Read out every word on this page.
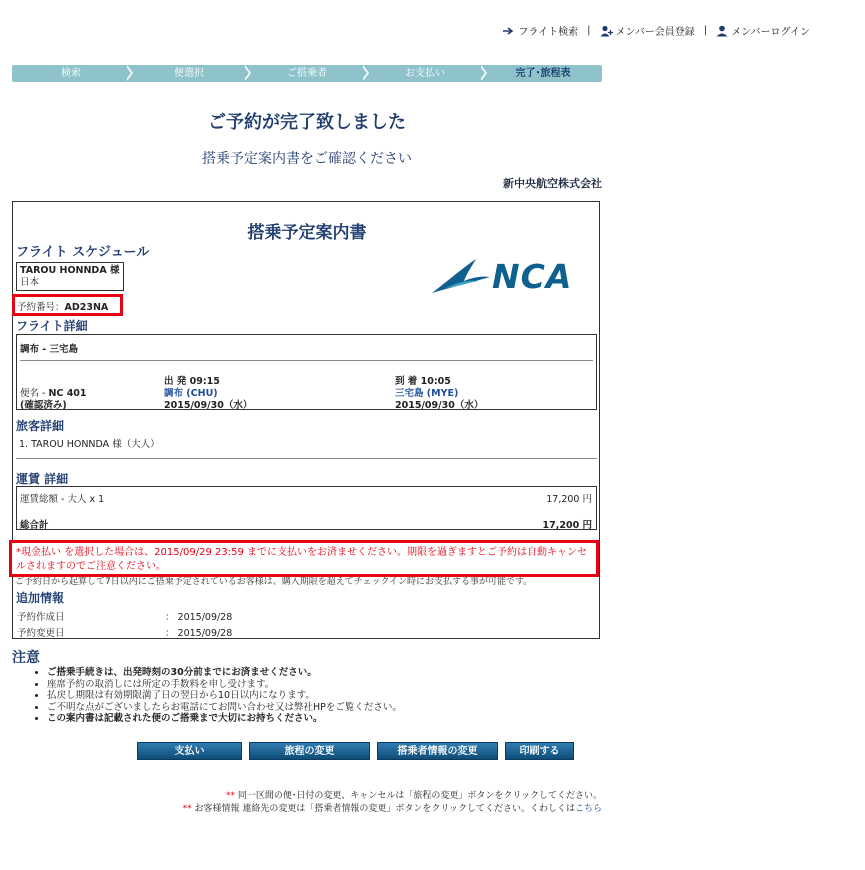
フライト検索 |	メンバー会員登録 | メンバーログイン
検索	便選択	ご搭乗者	お支払い	完了･旅程表
ご予約が完了致しました
搭乗予定案内書をご確認ください
新中央航空株式会社
搭乗予定案内書
フライト スケジュール
TAROU HONNDA 様
日本	NCA
予約番号：AD23NA
フライト詳細
調布 - 三宅島
便名 - NC 401
(確認済み)
出 発 09:15
調布 (CHU)
2015/09/30（水）
到 着 10:05
三宅島 (MYE)
2015/09/30（水）
旅客詳細
1. TAROU HONNDA 様（大人）
運賃 詳細
運賃総額 - 大人 x 1	17,200 円
総合計	17,200 円
ご予約日から起算して7日以内にご搭乗予定されているお客様は、購入期限を超えてチェックイン時にお支払する事が可能です。
*現金払い を選択した場合は、2015/09/29 23:59 までに支払いをお済ませください。期限を過ぎますとご予約は自動キャンセルされますのでご注意ください。
追加情報
予約作成日	： 2015/09/28
予約変更日	： 2015/09/28
注意
• ご搭乗手続きは、出発時刻の30分前までにお済ませください。
• 座席予約の取消しには所定の手数料を申し受けます。
• 払戻し期限は有効期限満了日の翌日から10日以内になります。
• ご不明な点がございましたらお電話にてお問い合わせ又は弊社HPをご覧ください。
• この案内書は記載された便のご搭乗まで大切にお持ちください。
支払い	旅程の変更	搭乗者情報の変更	印刷する
** 同一区間の便･日付の変更、キャンセルは「旅程の変更」ボタンをクリックしてください。
** お客様情報 連絡先の変更は「搭乗者情報の変更」ボタンをクリックしてください。くわしくはこちら
